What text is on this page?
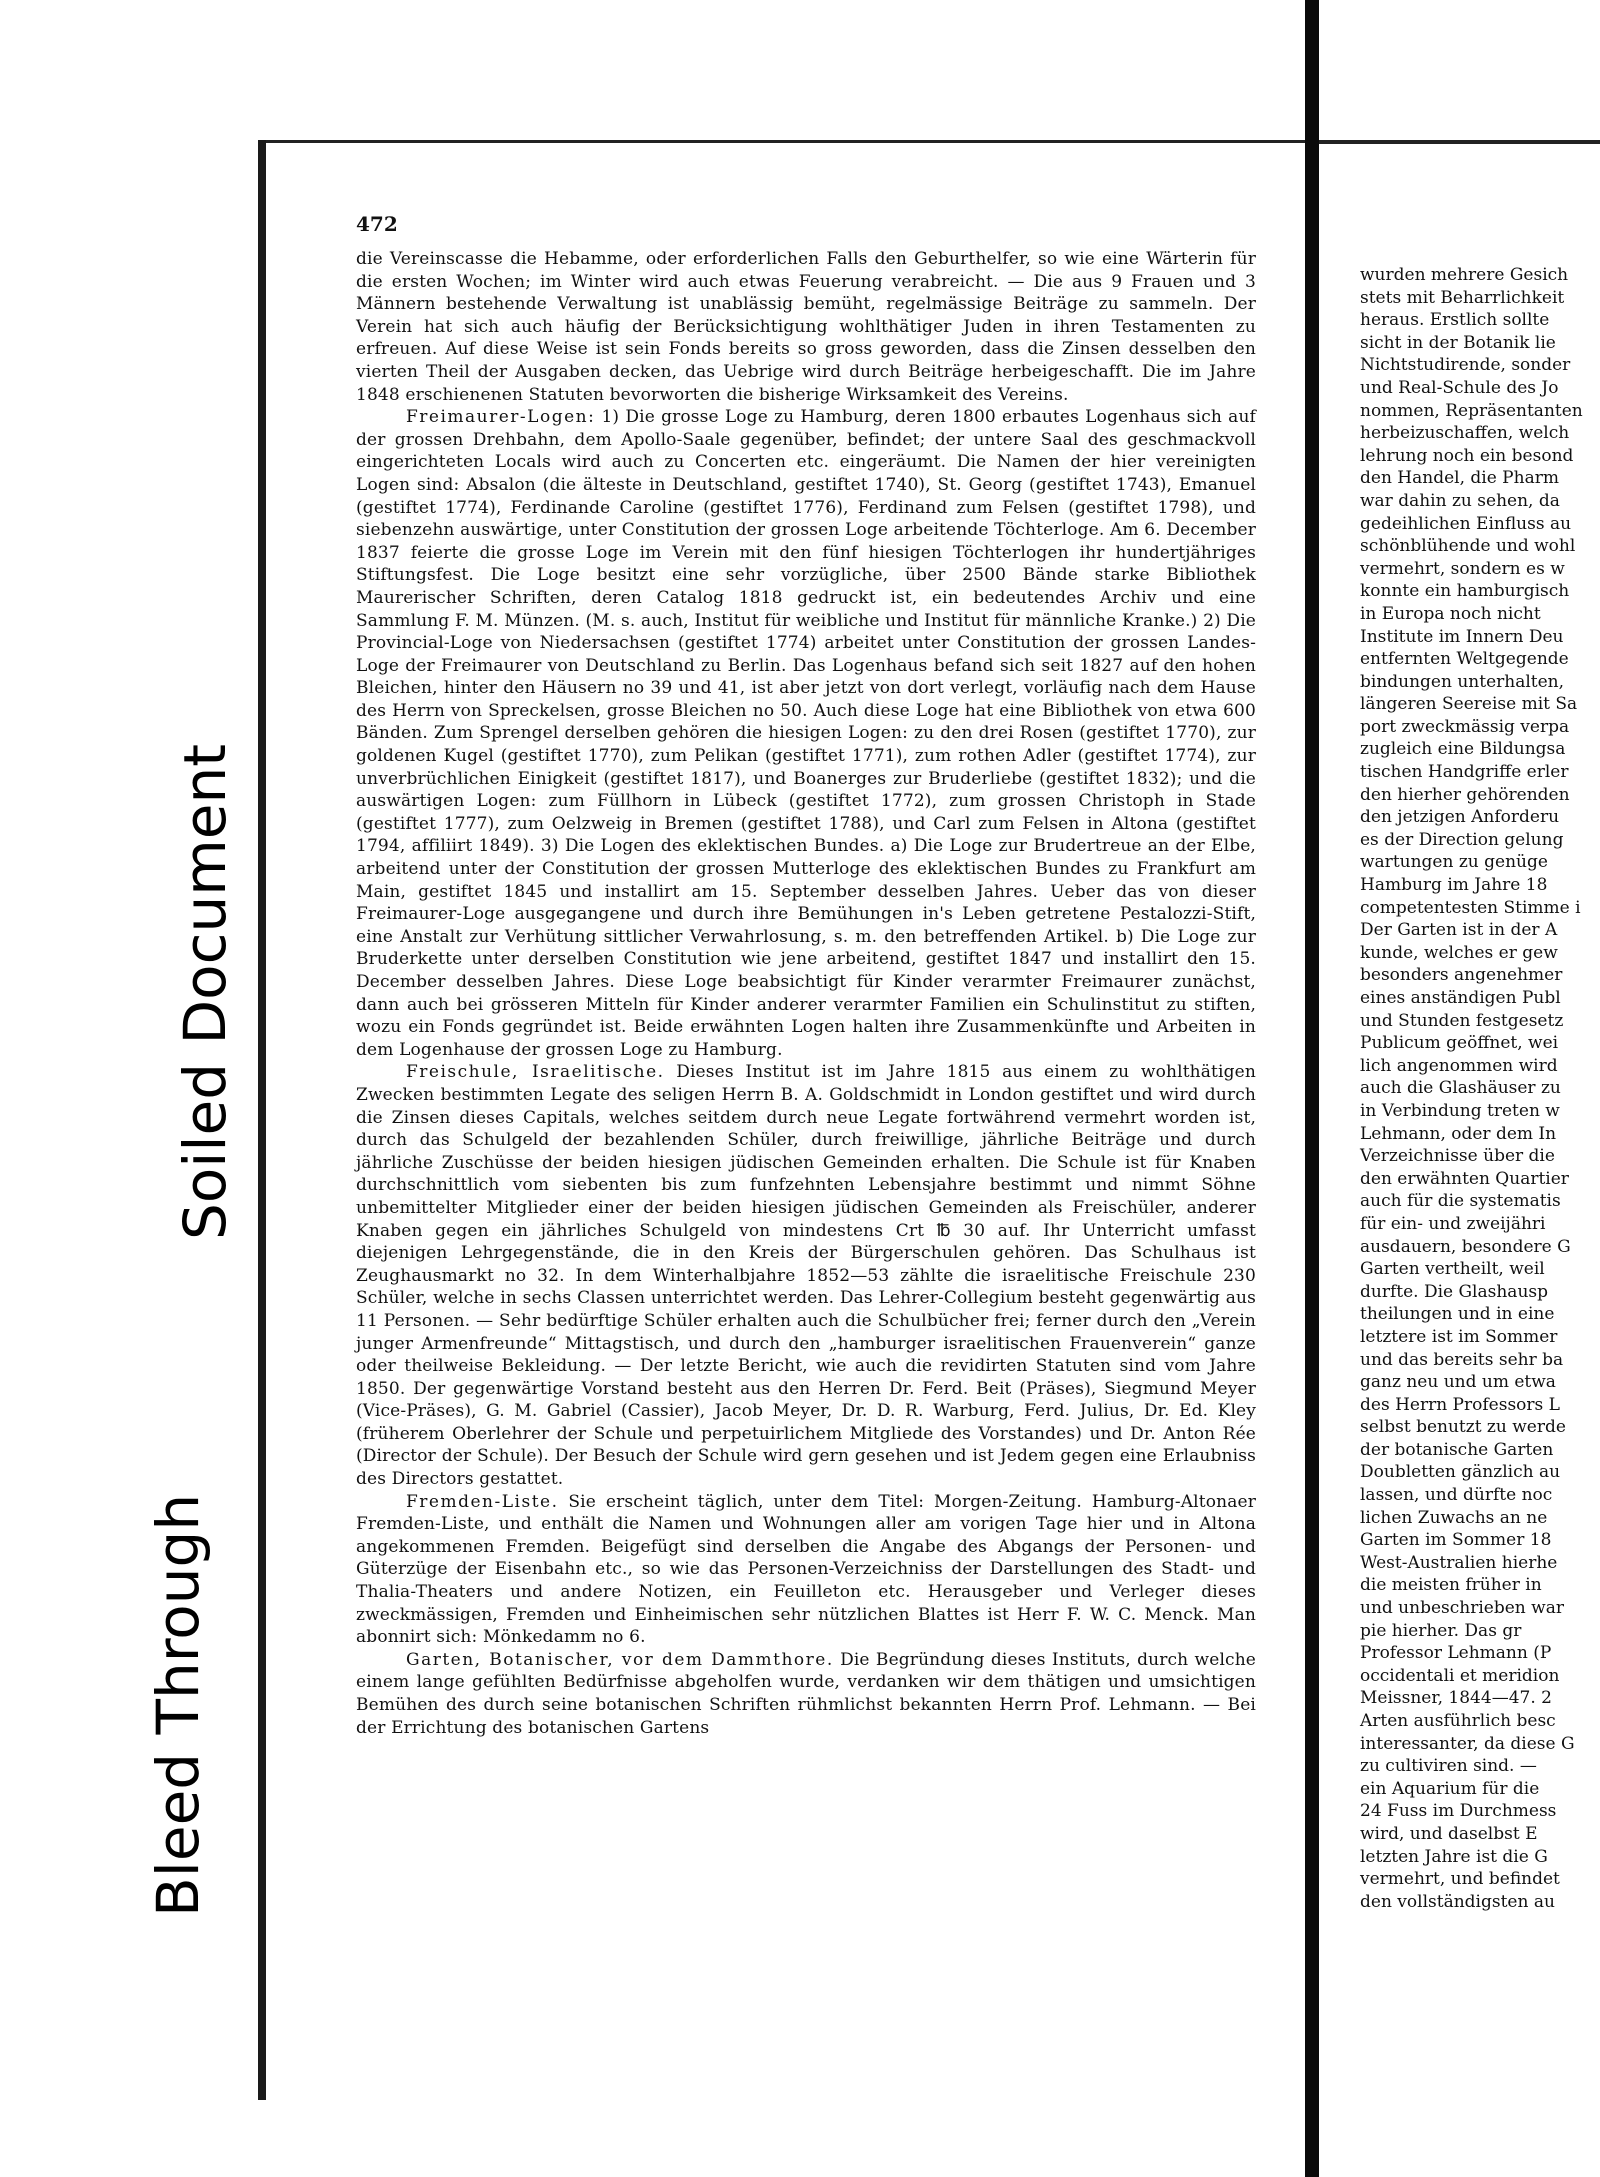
472

die Vereinscasse die Hebamme, oder erforderlichen Falls den Geburthelfer, so wie eine Wärterin für die ersten Wochen; im Winter wird auch etwas Feuerung verabreicht. — Die aus 9 Frauen und 3 Männern bestehende Verwaltung ist unablässig bemüht, regelmässige Beiträge zu sammeln. Der Verein hat sich auch häufig der Berücksichtigung wohlthätiger Juden in ihren Testamenten zu erfreuen. Auf diese Weise ist sein Fonds bereits so gross geworden, dass die Zinsen desselben den vierten Theil der Ausgaben decken, das Uebrige wird durch Beiträge herbeigeschafft. Die im Jahre 1848 erschienenen Statuten bevorworten die bisherige Wirksamkeit des Vereins.

Freimaurer-Logen: 1) Die grosse Loge zu Hamburg, deren 1800 erbautes Logenhaus sich auf der grossen Drehbahn, dem Apollo-Saale gegenüber, befindet; der untere Saal des geschmackvoll eingerichteten Locals wird auch zu Concerten etc. eingeräumt. Die Namen der hier vereinigten Logen sind: Absalon (die älteste in Deutschland, gestiftet 1740), St. Georg (gestiftet 1743), Emanuel (gestiftet 1774), Ferdinande Caroline (gestiftet 1776), Ferdinand zum Felsen (gestiftet 1798), und siebenzehn auswärtige, unter Constitution der grossen Loge arbeitende Töchterloge. Am 6. December 1837 feierte die grosse Loge im Verein mit den fünf hiesigen Töchterlogen ihr hundertjähriges Stiftungsfest. Die Loge besitzt eine sehr vorzügliche, über 2500 Bände starke Bibliothek Maurerischer Schriften, deren Catalog 1818 gedruckt ist, ein bedeutendes Archiv und eine Sammlung F. M. Münzen. (M. s. auch, Institut für weibliche und Institut für männliche Kranke.) 2) Die Provincial-Loge von Niedersachsen (gestiftet 1774) arbeitet unter Constitution der grossen Landes-Loge der Freimaurer von Deutschland zu Berlin. Das Logenhaus befand sich seit 1827 auf den hohen Bleichen, hinter den Häusern no 39 und 41, ist aber jetzt von dort verlegt, vorläufig nach dem Hause des Herrn von Spreckelsen, grosse Bleichen no 50. Auch diese Loge hat eine Bibliothek von etwa 600 Bänden. Zum Sprengel derselben gehören die hiesigen Logen: zu den drei Rosen (gestiftet 1770), zur goldenen Kugel (gestiftet 1770), zum Pelikan (gestiftet 1771), zum rothen Adler (gestiftet 1774), zur unverbrüchlichen Einigkeit (gestiftet 1817), und Boanerges zur Bruderliebe (gestiftet 1832); und die auswärtigen Logen: zum Füllhorn in Lübeck (gestiftet 1772), zum grossen Christoph in Stade (gestiftet 1777), zum Oelzweig in Bremen (gestiftet 1788), und Carl zum Felsen in Altona (gestiftet 1794, affiliirt 1849). 3) Die Logen des eklektischen Bundes. a) Die Loge zur Brudertreue an der Elbe, arbeitend unter der Constitution der grossen Mutterloge des eklektischen Bundes zu Frankfurt am Main, gestiftet 1845 und installirt am 15. September desselben Jahres. Ueber das von dieser Freimaurer-Loge ausgegangene und durch ihre Bemühungen in's Leben getretene Pestalozzi-Stift, eine Anstalt zur Verhütung sittlicher Verwahrlosung, s. m. den betreffenden Artikel. b) Die Loge zur Bruderkette unter derselben Constitution wie jene arbeitend, gestiftet 1847 und installirt den 15. December desselben Jahres. Diese Loge beabsichtigt für Kinder verarmter Freimaurer zunächst, dann auch bei grösseren Mitteln für Kinder anderer verarmter Familien ein Schulinstitut zu stiften, wozu ein Fonds gegründet ist. Beide erwähnten Logen halten ihre Zusammenkünfte und Arbeiten in dem Logenhause der grossen Loge zu Hamburg.

Freischule, Israelitische. Dieses Institut ist im Jahre 1815 aus einem zu wohlthätigen Zwecken bestimmten Legate des seligen Herrn B. A. Goldschmidt in London gestiftet und wird durch die Zinsen dieses Capitals, welches seitdem durch neue Legate fortwährend vermehrt worden ist, durch das Schulgeld der bezahlenden Schüler, durch freiwillige, jährliche Beiträge und durch jährliche Zuschüsse der beiden hiesigen jüdischen Gemeinden erhalten. Die Schule ist für Knaben durchschnittlich vom siebenten bis zum funfzehnten Lebensjahre bestimmt und nimmt Söhne unbemittelter Mitglieder einer der beiden hiesigen jüdischen Gemeinden als Freischüler, anderer Knaben gegen ein jährliches Schulgeld von mindestens Crt ℔ 30 auf. Ihr Unterricht umfasst diejenigen Lehrgegenstände, die in den Kreis der Bürgerschulen gehören. Das Schulhaus ist Zeughausmarkt no 32. In dem Winterhalbjahre 1852—53 zählte die israelitische Freischule 230 Schüler, welche in sechs Classen unterrichtet werden. Das Lehrer-Collegium besteht gegenwärtig aus 11 Personen. — Sehr bedürftige Schüler erhalten auch die Schulbücher frei; ferner durch den „Verein junger Armenfreunde“ Mittagstisch, und durch den „hamburger israelitischen Frauenverein“ ganze oder theilweise Bekleidung. — Der letzte Bericht, wie auch die revidirten Statuten sind vom Jahre 1850. Der gegenwärtige Vorstand besteht aus den Herren Dr. Ferd. Beit (Präses), Siegmund Meyer (Vice-Präses), G. M. Gabriel (Cassier), Jacob Meyer, Dr. D. R. Warburg, Ferd. Julius, Dr. Ed. Kley (früherem Oberlehrer der Schule und perpetuirlichem Mitgliede des Vorstandes) und Dr. Anton Rée (Director der Schule). Der Besuch der Schule wird gern gesehen und ist Jedem gegen eine Erlaubniss des Directors gestattet.

Fremden-Liste. Sie erscheint täglich, unter dem Titel: Morgen-Zeitung. Hamburg-Altonaer Fremden-Liste, und enthält die Namen und Wohnungen aller am vorigen Tage hier und in Altona angekommenen Fremden. Beigefügt sind derselben die Angabe des Abgangs der Personen- und Güterzüge der Eisenbahn etc., so wie das Personen-Verzeichniss der Darstellungen des Stadt- und Thalia-Theaters und andere Notizen, ein Feuilleton etc. Herausgeber und Verleger dieses zweckmässigen, Fremden und Einheimischen sehr nützlichen Blattes ist Herr F. W. C. Menck. Man abonnirt sich: Mönkedamm no 6.

Garten, Botanischer, vor dem Dammthore. Die Begründung dieses Instituts, durch welche einem lange gefühlten Bedürfnisse abgeholfen wurde, verdanken wir dem thätigen und umsichtigen Bemühen des durch seine botanischen Schriften rühmlichst bekannten Herrn Prof. Lehmann. — Bei der Errichtung des botanischen Gartens

wurden mehrere Gesich
stets mit Beharrlichkeit
heraus. Erstlich sollte
sicht in der Botanik lie
Nichtstudirende, sonder
und Real-Schule des Jo
nommen, Repräsentanten
herbeizuschaffen, welch
lehrung noch ein besond
den Handel, die Pharm
war dahin zu sehen, da
gedeihlichen Einfluss au
schönblühende und wohl
vermehrt, sondern es w
konnte ein hamburgisch
in Europa noch nicht
Institute im Innern Deu
entfernten Weltgegende
bindungen unterhalten,
längeren Seereise mit Sa
port zweckmässig verpa
zugleich eine Bildungsa
tischen Handgriffe erler
den hierher gehörenden
den jetzigen Anforderu
es der Direction gelung
wartungen zu genüge
Hamburg im Jahre 18
competentesten Stimme i
Der Garten ist in der A
kunde, welches er gew
besonders angenehmer
eines anständigen Publ
und Stunden festgesetz
Publicum geöffnet, wei
lich angenommen wird
auch die Glashäuser zu
in Verbindung treten w
Lehmann, oder dem In
Verzeichnisse über die
den erwähnten Quartier
auch für die systematis
für ein- und zweijähri
ausdauern, besondere G
Garten vertheilt, weil
durfte. Die Glashausp
theilungen und in eine
letztere ist im Sommer
und das bereits sehr ba
ganz neu und um etwa
des Herrn Professors L
selbst benutzt zu werde
der botanische Garten
Doubletten gänzlich au
lassen, und dürfte noc
lichen Zuwachs an ne
Garten im Sommer 18
West-Australien hierhe
die meisten früher in
und unbeschrieben war
pie hierher. Das gr
Professor Lehmann (P
occidentali et meridion
Meissner, 1844—47. 2
Arten ausführlich besc
interessanter, da diese G
zu cultiviren sind. —
ein Aquarium für die
24 Fuss im Durchmess
wird, und daselbst E
letzten Jahre ist die G
vermehrt, und befindet
den vollständigsten au
Soiled Document
Bleed Through
